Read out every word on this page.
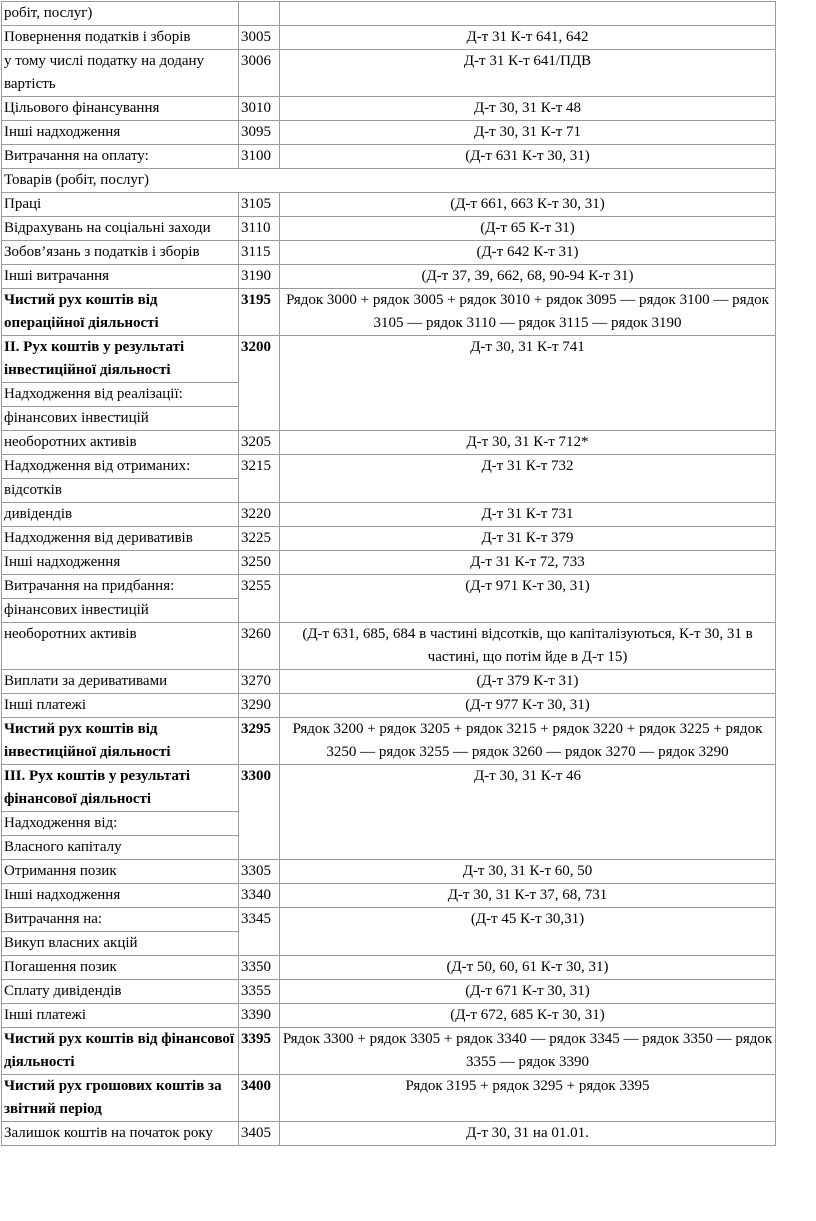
робіт, послуг)		
Повернення податків і зборів	3005	Д-т 31 К-т 641, 642
у тому числі податку на додану вартість	3006	Д-т 31 К-т 641/ПДВ
Цільового фінансування	3010	Д-т 30, 31 К-т 48
Інші надходження	3095	Д-т 30, 31 К-т 71
Витрачання на оплату:	3100	(Д-т 631 К-т 30, 31)
Товарів (робіт, послуг)		
Праці	3105	(Д-т 661, 663 К-т 30, 31)
Відрахувань на соціальні заходи	3110	(Д-т 65 К-т 31)
Зобов’язань з податків і зборів	3115	(Д-т 642 К-т 31)
Інші витрачання	3190	(Д-т 37, 39, 662, 68, 90-94 К-т 31)
Чистий рух коштів від операційної діяльності	3195	Рядок 3000 + рядок 3005 + рядок 3010 + рядок 3095 — рядок 3100 — рядок 3105 — рядок 3110 — рядок 3115 — рядок 3190
ІІ. Рух коштів у результаті інвестиційної діяльності	3200	Д-т 30, 31 К-т 741
Надходження від реалізації:		
фінансових інвестицій		
необоротних активів	3205	Д-т 30, 31 К-т 712*
Надходження від отриманих:	3215	Д-т 31 К-т 732
відсотків		
дивідендів	3220	Д-т 31 К-т 731
Надходження від деривативів	3225	Д-т 31 К-т 379
Інші надходження	3250	Д-т 31 К-т 72, 733
Витрачання на придбання:	3255	(Д-т 971 К-т 30, 31)
фінансових інвестицій		
необоротних активів	3260	(Д-т 631, 685, 684 в частині відсотків, що капіталізуються, К-т 30, 31 в частині, що потім йде в Д-т 15)
Виплати за деривативами	3270	(Д-т 379 К-т 31)
Інші платежі	3290	(Д-т 977 К-т 30, 31)
Чистий рух коштів від інвестиційної діяльності	3295	Рядок 3200 + рядок 3205 + рядок 3215 + рядок 3220 + рядок 3225 + рядок 3250 — рядок 3255 — рядок 3260 — рядок 3270 — рядок 3290
ІІІ. Рух коштів у результаті фінансової діяльності	3300	Д-т 30, 31 К-т 46
Надходження від:		
Власного капіталу		
Отримання позик	3305	Д-т 30, 31 К-т 60, 50
Інші надходження	3340	Д-т 30, 31 К-т 37, 68, 731
Витрачання на:	3345	(Д-т 45 К-т 30,31)
Викуп власних акцій		
Погашення позик	3350	(Д-т 50, 60, 61 К-т 30, 31)
Сплату дивідендів	3355	(Д-т 671 К-т 30, 31)
Інші платежі	3390	(Д-т 672, 685 К-т 30, 31)
Чистий рух коштів від фінансової діяльності	3395	Рядок 3300 + рядок 3305 + рядок 3340 — рядок 3345 — рядок 3350 — рядок 3355 — рядок 3390
Чистий рух грошових коштів за звітний період	3400	Рядок 3195 + рядок 3295 + рядок 3395
Залишок коштів на початок року	3405	Д-т 30, 31 на 01.01.
